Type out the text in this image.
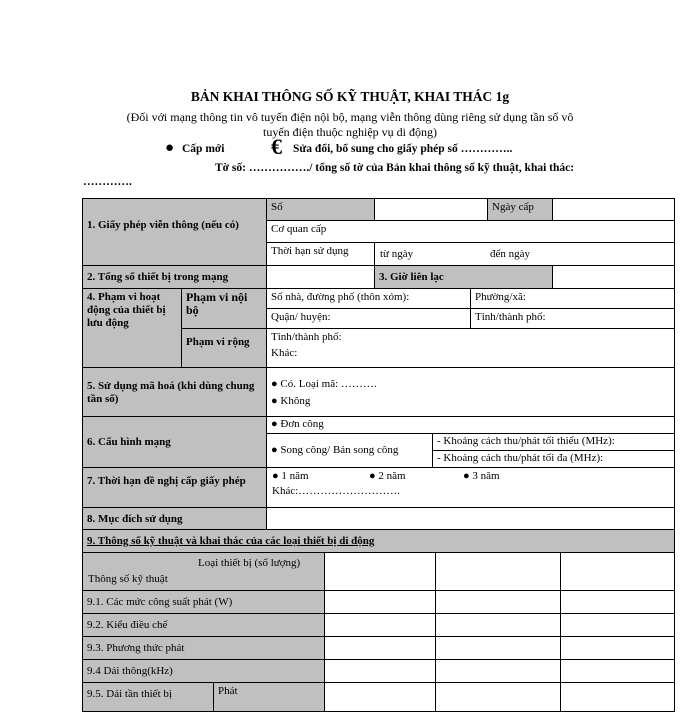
BẢN KHAI THÔNG SỐ KỸ THUẬT, KHAI THÁC 1g
(Đối với mạng thông tin vô tuyến điện nội bộ, mạng viễn thông dùng riêng sử dụng tần số vô
tuyến điện thuộc nghiệp vụ di động)
● Cấp mới € Sửa đổi, bổ sung cho giấy phép số …………..
Tờ số: ……………./ tổng số tờ của Bản khai thông số kỹ thuật, khai thác:
………….
1. Giấy phép viễn thông (nếu có)
Số	Ngày cấp
Cơ quan cấp
Thời hạn sử dụng	từ ngày	đến ngày
2. Tổng số thiết bị trong mạng	3. Giờ liên lạc
4. Phạm vi hoạt động của thiết bị lưu động
Phạm vi nội bộ
Số nhà, đường phố (thôn xóm):	Phường/xã:
Quận/ huyện:	Tỉnh/thành phố:
Phạm vi rộng	Tỉnh/thành phố:
Khác:
5. Sử dụng mã hoá (khi dùng chung tần số)
● Có. Loại mã: ……….
● Không
6. Cấu hình mạng
● Đơn công
● Song công/ Bán song công
- Khoảng cách thu/phát tối thiểu (MHz):
- Khoảng cách thu/phát tối đa (MHz):
7. Thời hạn đề nghị cấp giấy phép	● 1 năm	● 2 năm	● 3 năm
Khác:……………………….
8. Mục đích sử dụng
9. Thông số kỹ thuật và khai thác của các loại thiết bị di động
Loại thiết bị (số lượng)
Thông số kỹ thuật
9.1. Các mức công suất phát (W)
9.2. Kiểu điều chế
9.3. Phương thức phát
9.4 Dải thông(kHz)
9.5. Dải tần thiết bị	Phát
